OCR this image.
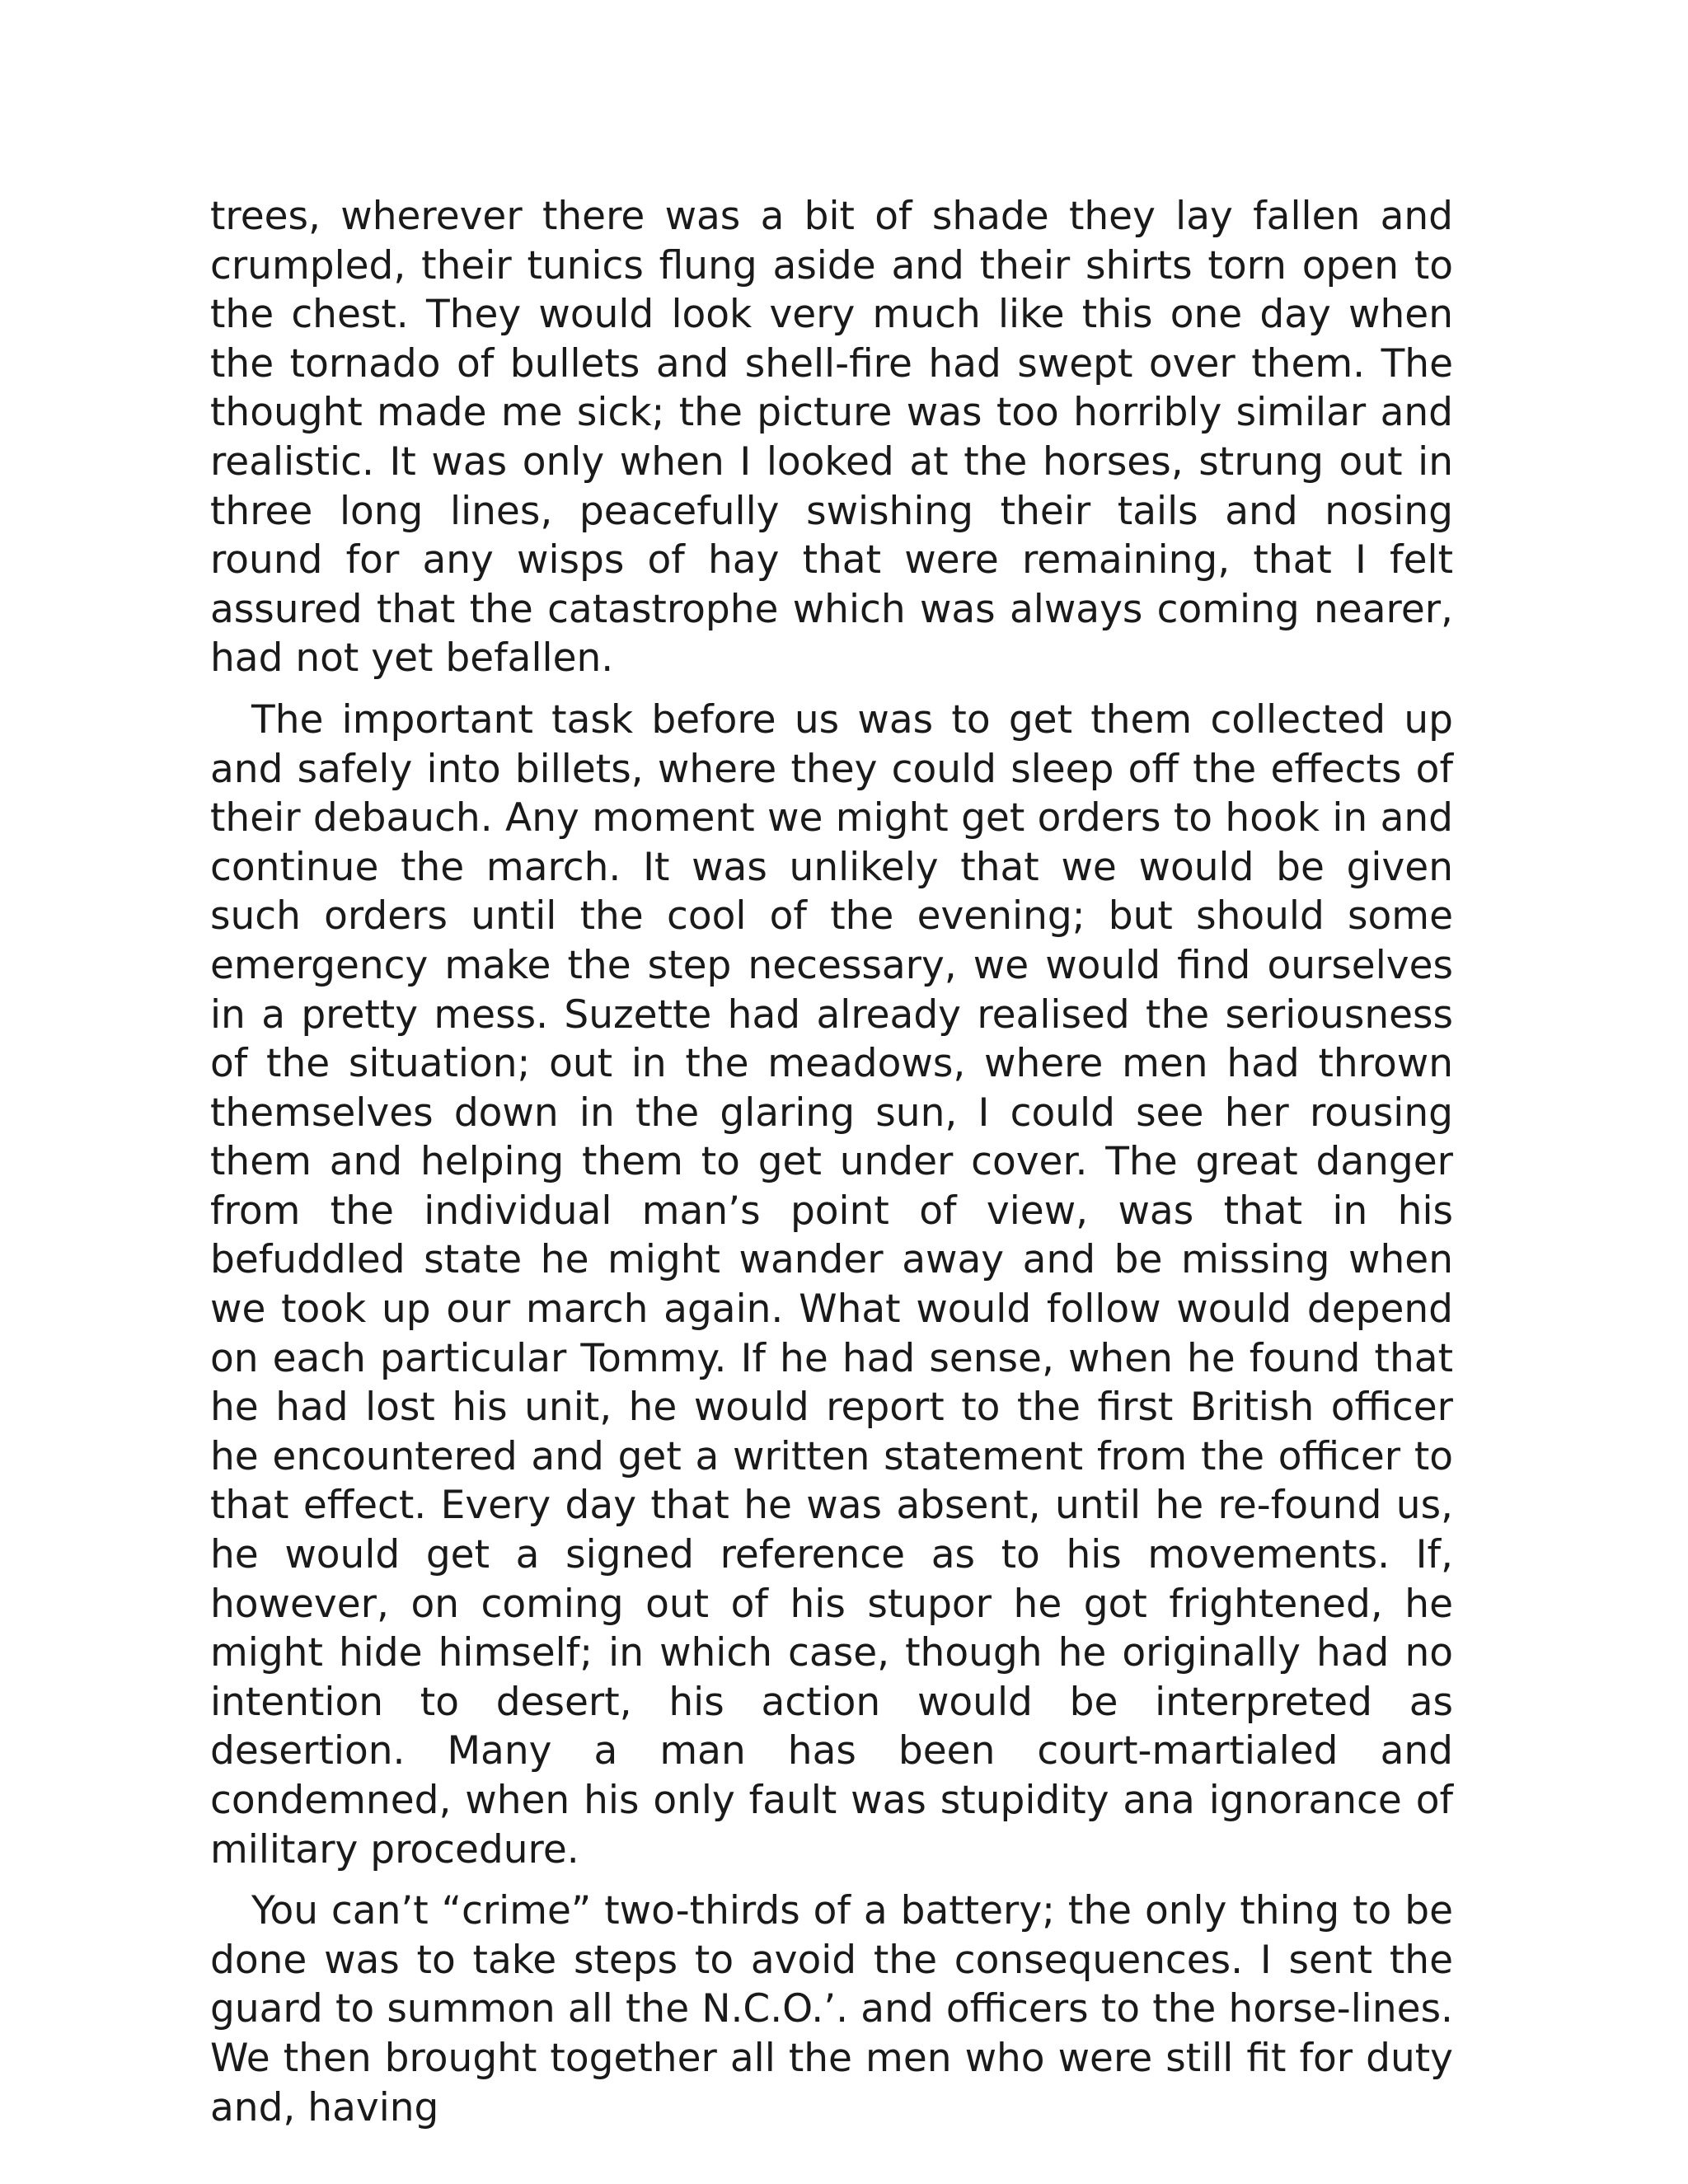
trees, wherever there was a bit of shade they lay fallen and crumpled, their tunics flung aside and their shirts torn open to the chest. They would look very much like this one day when the tornado of bullets and shell-fire had swept over them. The thought made me sick; the picture was too horribly similar and realistic. It was only when I looked at the horses, strung out in three long lines, peacefully swishing their tails and nosing round for any wisps of hay that were remaining, that I felt assured that the catastrophe which was always coming nearer, had not yet befallen.

The important task before us was to get them collected up and safely into billets, where they could sleep off the effects of their debauch. Any moment we might get orders to hook in and continue the march. It was unlikely that we would be given such orders until the cool of the evening; but should some emergency make the step necessary, we would find ourselves in a pretty mess. Suzette had already realised the seriousness of the situation; out in the meadows, where men had thrown themselves down in the glaring sun, I could see her rousing them and helping them to get under cover. The great danger from the individual man’s point of view, was that in his befuddled state he might wander away and be missing when we took up our march again. What would follow would depend on each particular Tommy. If he had sense, when he found that he had lost his unit, he would report to the first British officer he encountered and get a written statement from the officer to that effect. Every day that he was absent, until he re-found us, he would get a signed reference as to his movements. If, however, on coming out of his stupor he got frightened, he might hide himself; in which case, though he originally had no intention to desert, his action would be interpreted as desertion. Many a man has been court-martialed and condemned, when his only fault was stupidity ana ignorance of military procedure.

You can’t “crime” two-thirds of a battery; the only thing to be done was to take steps to avoid the consequences. I sent the guard to summon all the N.C.O.’. and officers to the horse-lines. We then brought together all the men who were still fit for duty and, having
